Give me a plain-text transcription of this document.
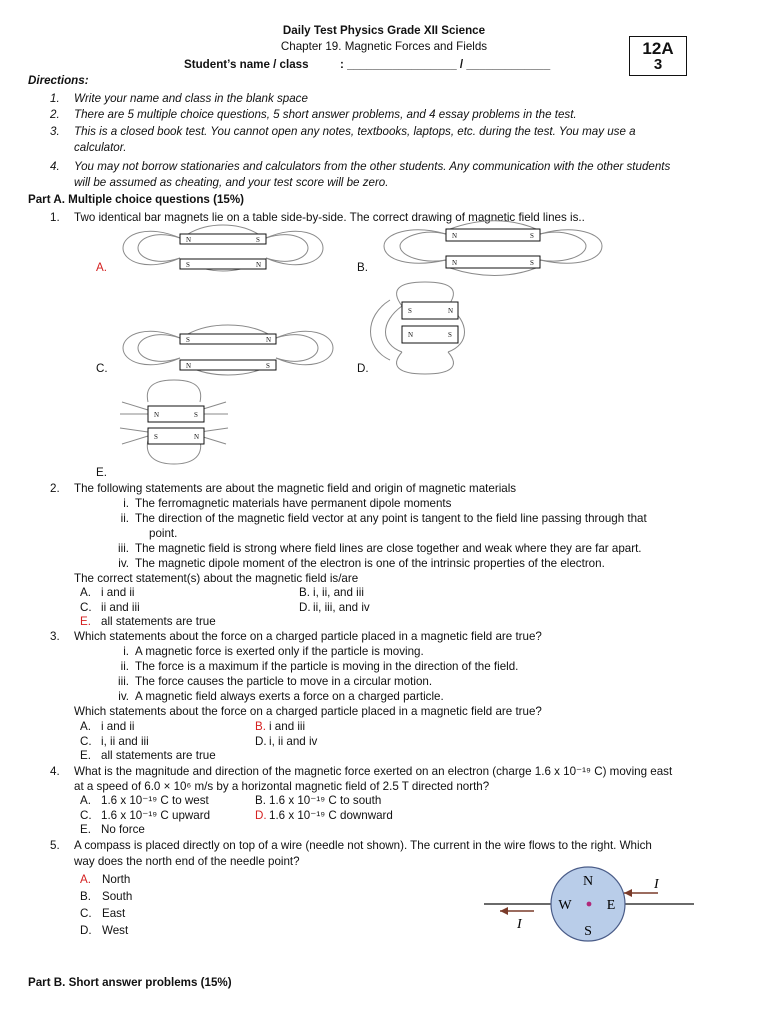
Daily Test Physics Grade XII Science
Chapter 19. Magnetic Forces and Fields
Student’s name / class	: _________________ / _____________
12A
3
Directions:
1. Write your name and class in the blank space
2. There are 5 multiple choice questions, 5 short answer problems, and 4 essay problems in the test.
3. This is a closed book test. You cannot open any notes, textbooks, laptops, etc. during the test. You may use a
calculator.
4. You may not borrow stationaries and calculators from the other students. Any communication with the other students
will be assumed as cheating, and your test score will be zero.
Part A. Multiple choice questions (15%)
1. Two identical bar magnets lie on a table side-by-side. The correct drawing of magnetic field lines is..
N	S
S	N
A.
N	S
N	S
B.
S	N
N	S
C.
S	N
N	S
D.
N	S
S	N
E.
2. The following statements are about the magnetic field and origin of magnetic materials
i. The ferromagnetic materials have permanent dipole moments
ii. The direction of the magnetic field vector at any point is tangent to the field line passing through that
point.
iii. The magnetic field is strong where field lines are close together and weak where they are far apart.
iv. The magnetic dipole moment of the electron is one of the intrinsic properties of the electron.
The correct statement(s) about the magnetic field is/are
A. i and ii	B. i, ii, and iii
C. ii and iii	D. ii, iii, and iv
E. all statements are true
3. Which statements about the force on a charged particle placed in a magnetic field are true?
i. A magnetic force is exerted only if the particle is moving.
ii. The force is a maximum if the particle is moving in the direction of the field.
iii. The force causes the particle to move in a circular motion.
iv. A magnetic field always exerts a force on a charged particle.
Which statements about the force on a charged particle placed in a magnetic field are true?
A. i and ii	B. i and iii
C. i, ii and iii	D. i, ii and iv
E. all statements are true
4. What is the magnitude and direction of the magnetic force exerted on an electron (charge 1.6 x 10⁻¹⁹ C) moving east
at a speed of 6.0 × 10⁶ m/s by a horizontal magnetic field of 2.5 T directed north?
A. 1.6 x 10⁻¹⁹ C to west	B. 1.6 x 10⁻¹⁹ C to south
C. 1.6 x 10⁻¹⁹ C upward	D. 1.6 x 10⁻¹⁹ C downward
E. No force
5. A compass is placed directly on top of a wire (needle not shown). The current in the wire flows to the right. Which
way does the north end of the needle point?
A. North
B. South
C. East
D. West
N
S
W	E
I
I
Part B. Short answer problems (15%)
